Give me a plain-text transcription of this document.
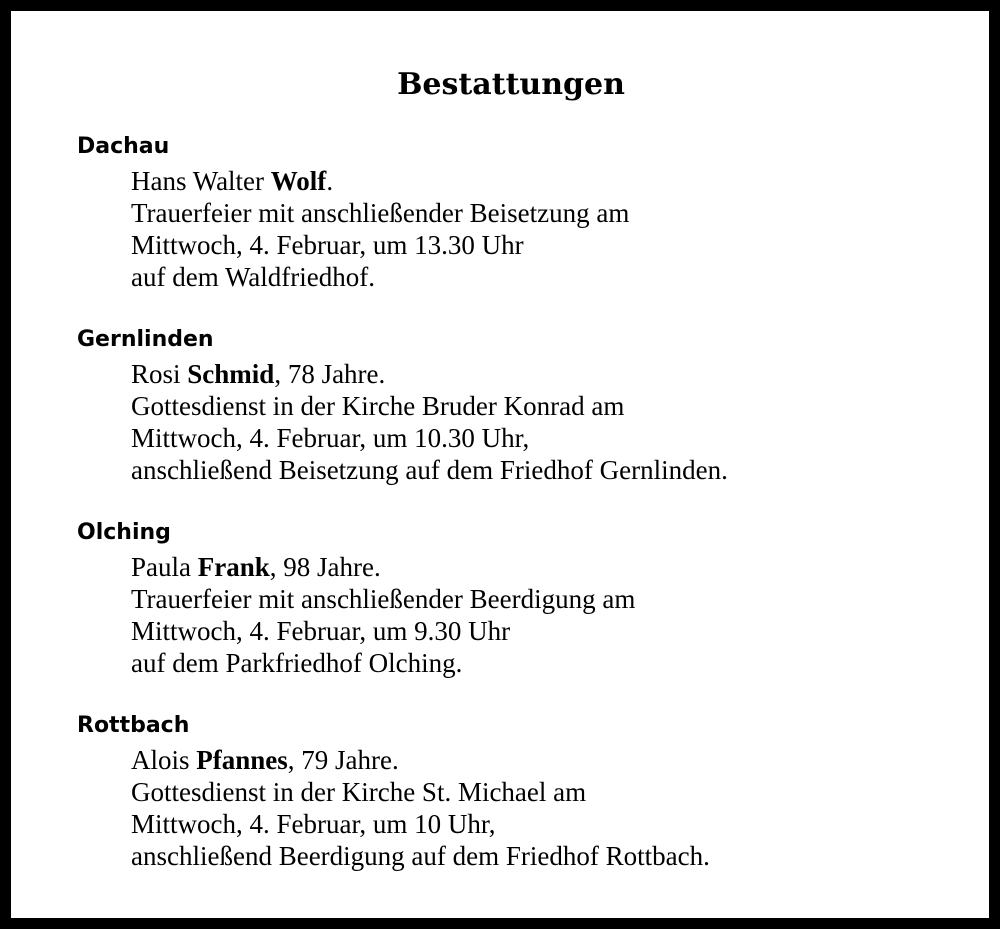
Bestattungen
Dachau
Hans Walter Wolf.
Trauerfeier mit anschließender Beisetzung am
Mittwoch, 4. Februar, um 13.30 Uhr
auf dem Waldfriedhof.
Gernlinden
Rosi Schmid, 78 Jahre.
Gottesdienst in der Kirche Bruder Konrad am
Mittwoch, 4. Februar, um 10.30 Uhr,
anschließend Beisetzung auf dem Friedhof Gernlinden.
Olching
Paula Frank, 98 Jahre.
Trauerfeier mit anschließender Beerdigung am
Mittwoch, 4. Februar, um 9.30 Uhr
auf dem Parkfriedhof Olching.
Rottbach
Alois Pfannes, 79 Jahre.
Gottesdienst in der Kirche St. Michael am
Mittwoch, 4. Februar, um 10 Uhr,
anschließend Beerdigung auf dem Friedhof Rottbach.
